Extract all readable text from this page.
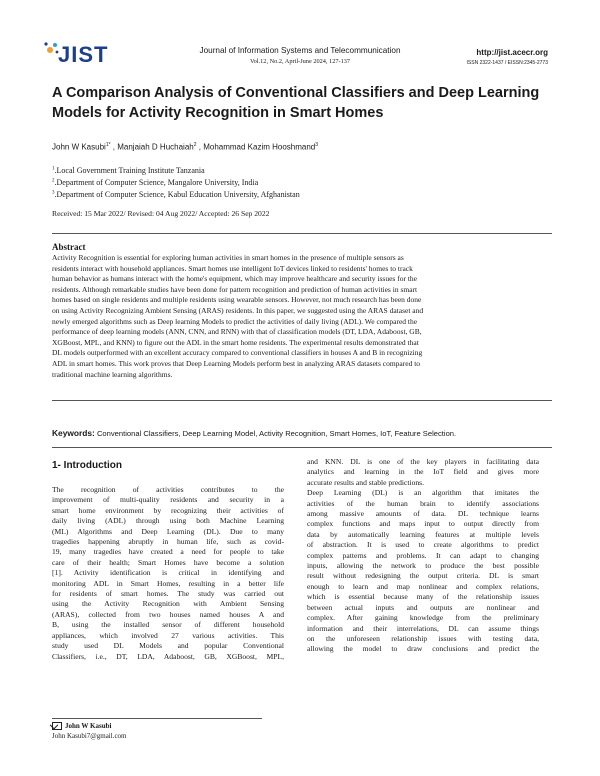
JIST	Journal of Information Systems and Telecommunication
Vol.12, No.2, April-June 2024, 127-137
http://jist.acecr.org
ISSN 2322-1437 / EISSN:2345-2773
A Comparison Analysis of Conventional Classifiers and Deep Learning
Models for Activity Recognition in Smart Homes
John W Kasubi$^{1*}$ , Manjaiah D Huchaiah$^2$ , Mohammad Kazim Hooshmand$^3$
$^1$.Local Government Training Institute Tanzania
$^2$.Department of Computer Science, Mangalore University, India
$^3$.Department of Computer Science, Kabul Education University, Afghanistan
Received: 15 Mar 2022/ Revised: 04 Aug 2022/ Accepted: 26 Sep 2022
Abstract
Activity Recognition is essential for exploring human activities in smart homes in the presence of multiple sensors as
residents interact with household appliances. Smart homes use intelligent IoT devices linked to residents' homes to track
human behavior as humans interact with the home's equipment, which may improve healthcare and security issues for the
residents. Although remarkable studies have been done for pattern recognition and prediction of human activities in smart
homes based on single residents and multiple residents using wearable sensors. However, not much research has been done
on using Activity Recognizing Ambient Sensing (ARAS) residents. In this paper, we suggested using the ARAS dataset and
newly emerged algorithms such as Deep learning Models to predict the activities of daily living (ADL). We compared the
performance of deep learning models (ANN, CNN, and RNN) with that of classification models (DT, LDA, Adaboost, GB,
XGBoost, MPL, and KNN) to figure out the ADL in the smart home residents. The experimental results demonstrated that
DL models outperformed with an excellent accuracy compared to conventional classifiers in houses A and B in recognizing
ADL in smart homes. This work proves that Deep Learning Models perform best in analyzing ARAS datasets compared to
traditional machine learning algorithms.
Keywords: Conventional Classifiers, Deep Learning Model, Activity Recognition, Smart Homes, IoT, Feature Selection.
1- Introduction
The recognition of activities contributes to the
improvement of multi-quality residents and security in a
smart home environment by recognizing their activities of
daily living (ADL) through using both Machine Learning
(ML) Algorithms and Deep Learning (DL). Due to many
tragedies happening abruptly in human life, such as covid-
19, many tragedies have created a need for people to take
care of their health; Smart Homes have become a solution
[1]. Activity identification is critical in identifying and
monitoring ADL in Smart Homes, resulting in a better life
for residents of smart homes. The study was carried out
using the Activity Recognition with Ambient Sensing
(ARAS), collected from two houses named houses A and
B, using the installed sensor of different household
appliances, which involved 27 various activities. This
study used DL Models and popular Conventional
Classifiers, i.e., DT, LDA, Adaboost, GB, XGBoost, MPL,
and KNN. DL is one of the key players in facilitating data
analytics and learning in the IoT field and gives more
accurate results and stable predictions.
Deep Learning (DL) is an algorithm that imitates the
activities of the human brain to identify associations
among massive amounts of data. DL technique learns
complex functions and maps input to output directly from
data by automatically learning features at multiple levels
of abstraction. It is used to create algorithms to predict
complex patterns and problems. It can adapt to changing
inputs, allowing the network to produce the best possible
result without redesigning the output criteria. DL is smart
enough to learn and map nonlinear and complex relations,
which is essential because many of the relationship issues
between actual inputs and outputs are nonlinear and
complex. After gaining knowledge from the preliminary
information and their interrelations, DL can assume things
on the unforeseen relationship issues with testing data,
allowing the model to draw conclusions and predict the
John W Kasubi
John Kasubi7@gmail.com
